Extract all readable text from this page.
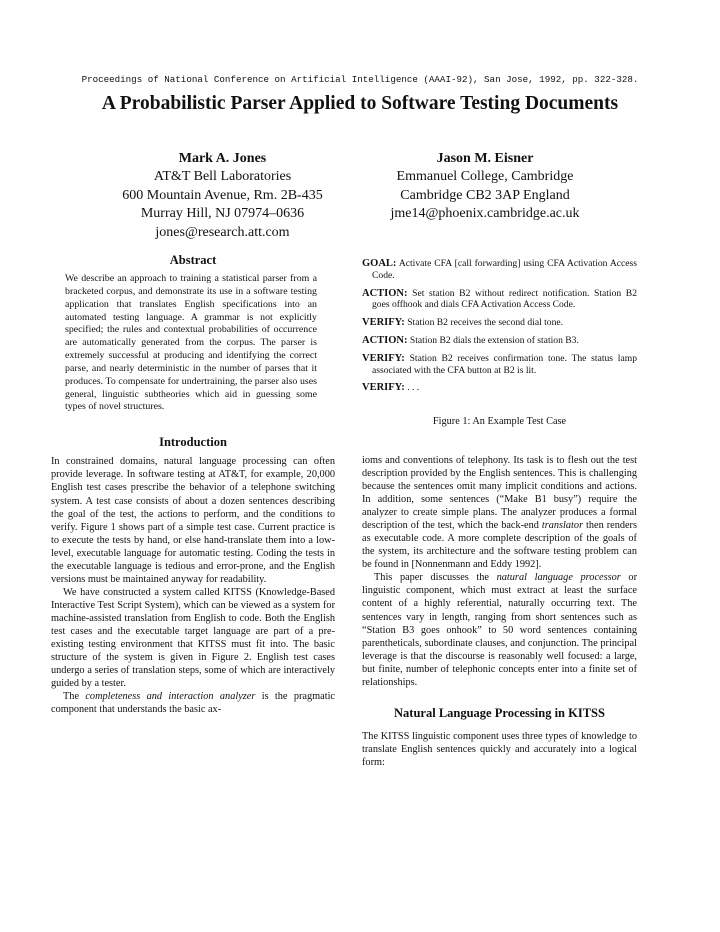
Proceedings of National Conference on Artificial Intelligence (AAAI-92), San Jose, 1992, pp. 322-328.
A Probabilistic Parser Applied to Software Testing Documents
Mark A. Jones
AT&T Bell Laboratories
600 Mountain Avenue, Rm. 2B-435
Murray Hill, NJ 07974–0636
jones@research.att.com
Jason M. Eisner
Emmanuel College, Cambridge
Cambridge CB2 3AP England
jme14@phoenix.cambridge.ac.uk
Abstract

We describe an approach to training a statistical parser from a bracketed corpus, and demonstrate its use in a software testing application that translates English specifications into an automated testing language. A grammar is not explicitly specified; the rules and contextual probabilities of occurrence are automatically generated from the corpus. The parser is extremely successful at producing and identifying the correct parse, and nearly deterministic in the number of parses that it produces. To compensate for undertraining, the parser also uses general, linguistic subtheories which aid in guessing some types of novel structures.

Introduction

In constrained domains, natural language processing can often provide leverage. In software testing at AT&T, for example, 20,000 English test cases prescribe the behavior of a telephone switching system. A test case consists of about a dozen sentences describing the goal of the test, the actions to perform, and the conditions to verify. Figure 1 shows part of a simple test case. Current practice is to execute the tests by hand, or else hand-translate them into a low-level, executable language for automatic testing. Coding the tests in the executable language is tedious and error-prone, and the English versions must be maintained anyway for readability.

We have constructed a system called KITSS (Knowledge-Based Interactive Test Script System), which can be viewed as a system for machine-assisted translation from English to code. Both the English test cases and the executable target language are part of a pre-existing testing environment that KITSS must fit into. The basic structure of the system is given in Figure 2. English test cases undergo a series of translation steps, some of which are interactively guided by a tester.

The completeness and interaction analyzer is the pragmatic component that understands the basic ax-

GOAL: Activate CFA [call forwarding] using CFA Activation Access Code.

ACTION: Set station B2 without redirect notification. Station B2 goes offhook and dials CFA Activation Access Code.

VERIFY: Station B2 receives the second dial tone.

ACTION: Station B2 dials the extension of station B3.

VERIFY: Station B2 receives confirmation tone. The status lamp associated with the CFA button at B2 is lit.

VERIFY: . . .

Figure 1: An Example Test Case

ioms and conventions of telephony. Its task is to flesh out the test description provided by the English sentences. This is challenging because the sentences omit many implicit conditions and actions. In addition, some sentences (“Make B1 busy”) require the analyzer to create simple plans. The analyzer produces a formal description of the test, which the back-end translator then renders as executable code. A more complete description of the goals of the system, its architecture and the software testing problem can be found in [Nonnenmann and Eddy 1992].

This paper discusses the natural language processor or linguistic component, which must extract at least the surface content of a highly referential, naturally occurring text. The sentences vary in length, ranging from short sentences such as “Station B3 goes onhook” to 50 word sentences containing parentheticals, subordinate clauses, and conjunction. The principal leverage is that the discourse is reasonably well focused: a large, but finite, number of telephonic concepts enter into a finite set of relationships.

Natural Language Processing in KITSS

The KITSS linguistic component uses three types of knowledge to translate English sentences quickly and accurately into a logical form:
